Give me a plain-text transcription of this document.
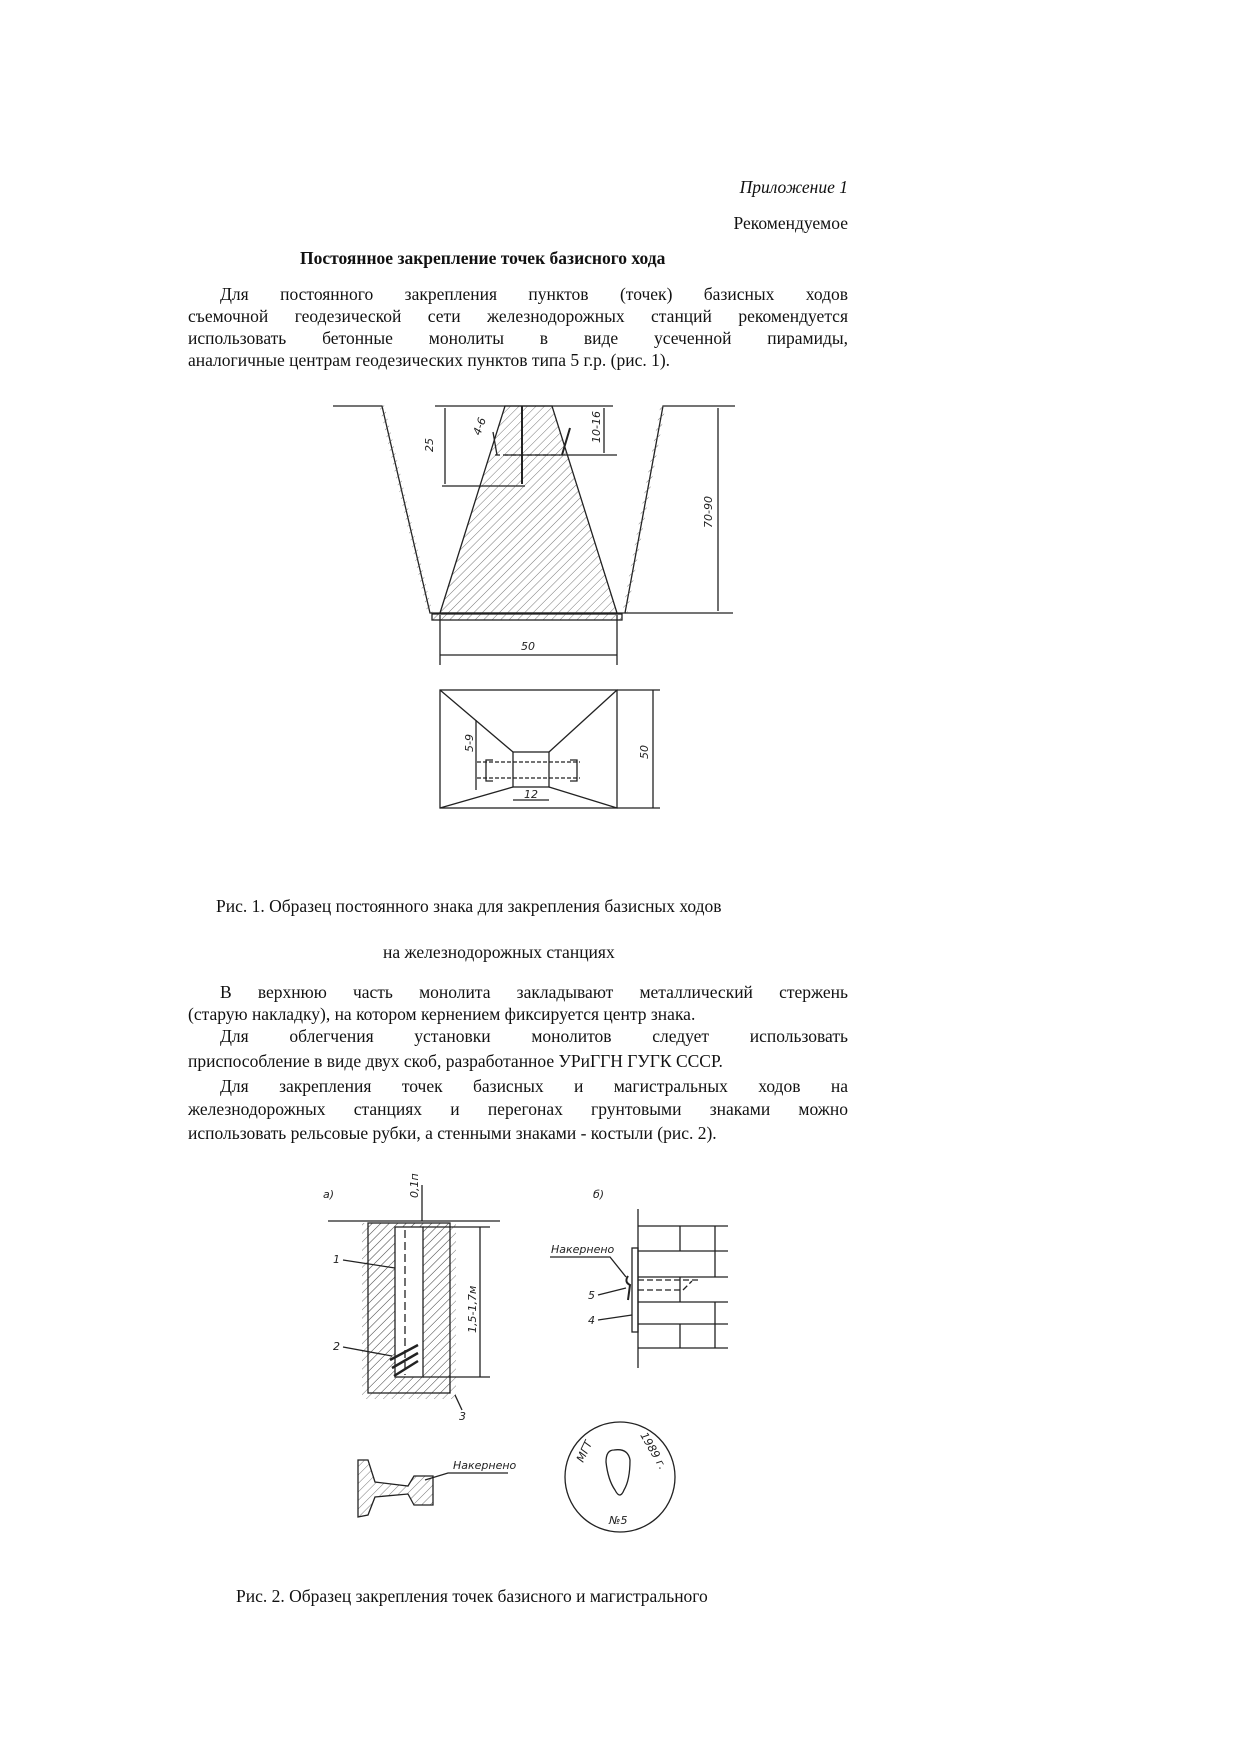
Приложение 1
Рекомендуемое
Постоянное закрепление точек базисного хода
Для постоянного закрепления пунктов (точек) базисных ходов
съемочной геодезической сети железнодорожных станций рекомендуется
использовать бетонные монолиты в виде усеченной пирамиды,
аналогичные центрам геодезических пунктов типа 5 г.р. (рис. 1).
25
4-6	10-16
70-90
50
5-9	50
12
а)	0,1п
1,5-1,7м
1
2
3
Накернено
б)
Накернено
5
4
МГТ	1989 г.
№5
Рис. 1. Образец постоянного знака для закрепления базисных ходов
на железнодорожных станциях
В верхнюю часть монолита закладывают металлический стержень
(старую накладку), на котором кернением фиксируется центр знака.
Для облегчения установки монолитов следует использовать
приспособление в виде двух скоб, разработанное УРиГГН ГУГК СССР.
Для закрепления точек базисных и магистральных ходов на
железнодорожных станциях и перегонах грунтовыми знаками можно
использовать рельсовые рубки, а стенными знаками - костыли (рис. 2).
Рис. 2. Образец закрепления точек базисного и магистрального
